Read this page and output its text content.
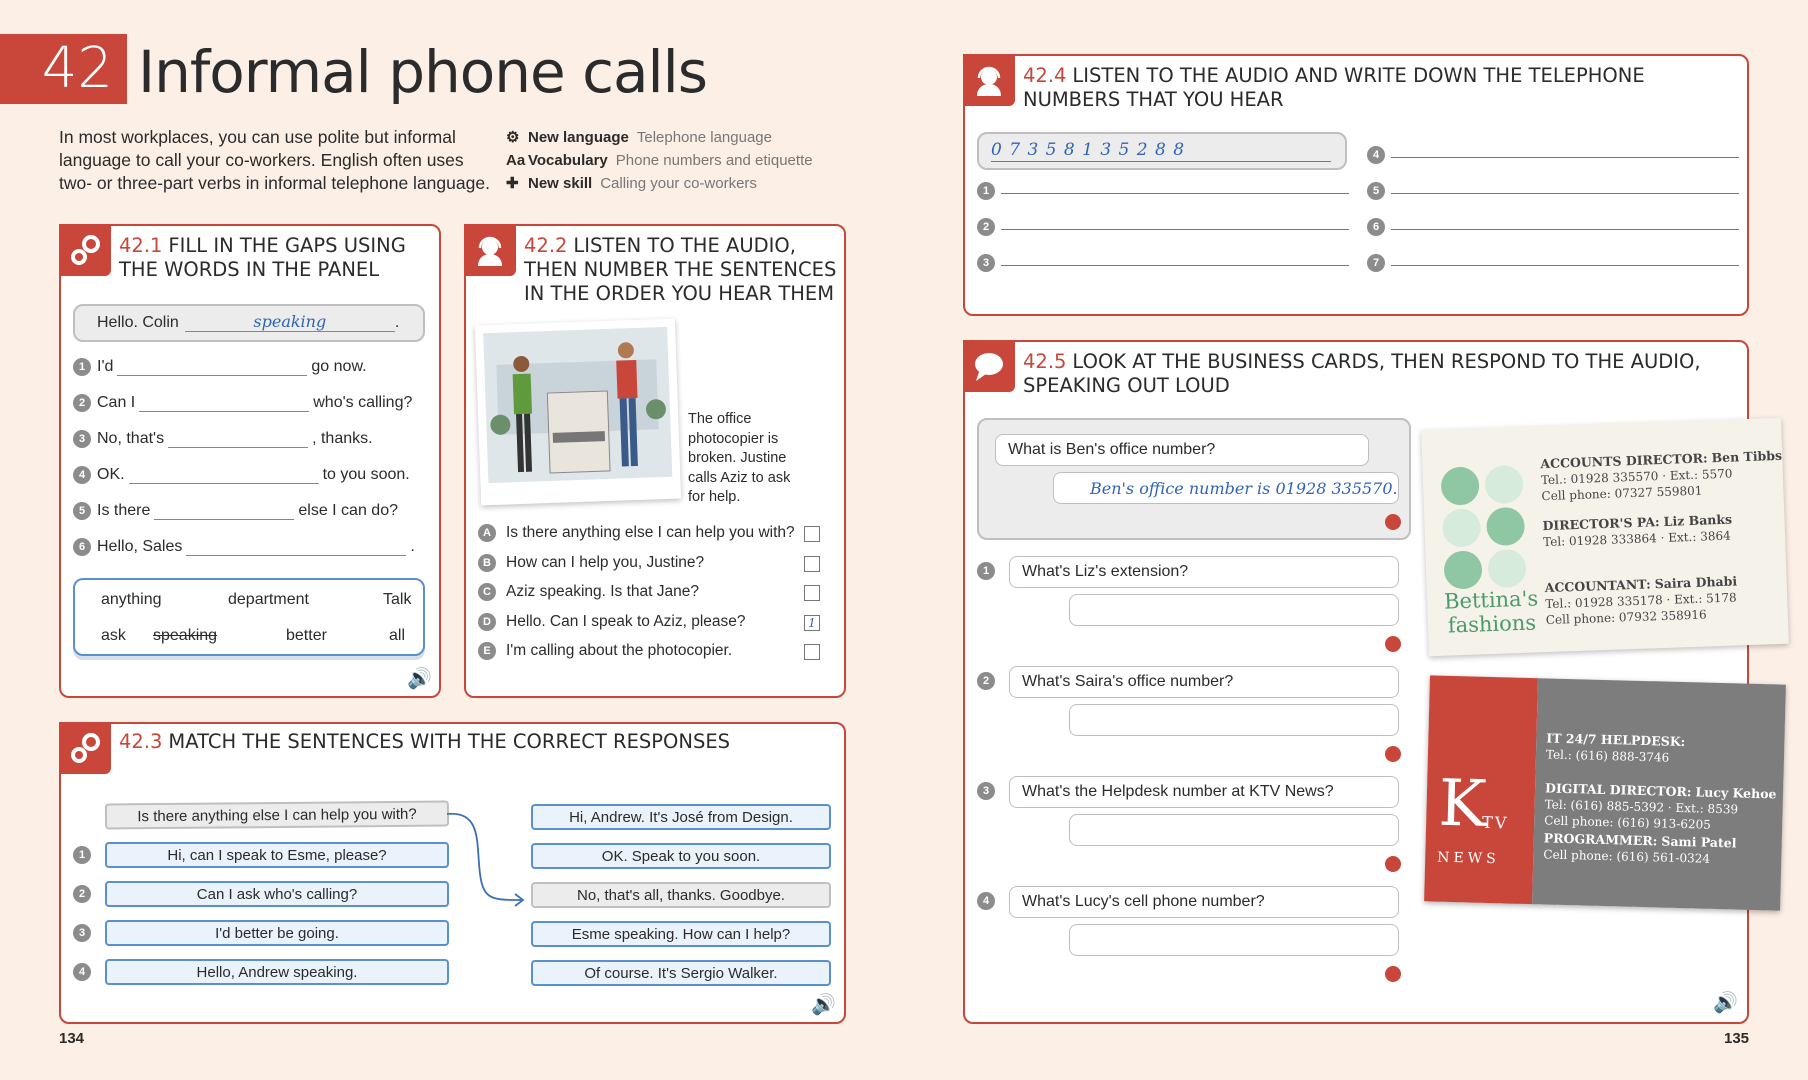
42 Informal phone calls
In most workplaces, you can use polite but informal language to call your co-workers. English often uses two- or three-part verbs in informal telephone language.
⚙ New language Telephone language
Aa Vocabulary Phone numbers and etiquette
✚ New skill Calling your co-workers
42.1 FILL IN THE GAPS USING THE WORDS IN THE PANEL
Hello. Colin	speaking	.
1 I'd	go now.
2 Can I	who's calling?
3 No, that's	, thanks.
4 OK.	to you soon.
5 Is there	else I can do?
6 Hello, Sales	.
anything	department	Talk
ask speaking	better	all
🔊
42.2 LISTEN TO THE AUDIO, THEN NUMBER THE SENTENCES IN THE ORDER YOU HEAR THEM
The office photocopier is broken. Justine calls Aziz to ask for help.
A Is there anything else I can help you with?
B How can I help you, Justine?
C Aziz speaking. Is that Jane?
D Hello. Can I speak to Aziz, please?	1
E I'm calling about the photocopier.
42.3 MATCH THE SENTENCES WITH THE CORRECT RESPONSES
Is there anything else I can help you with?
1	Hi, can I speak to Esme, please?
2	Can I ask who's calling?
3	I'd better be going.
4	Hello, Andrew speaking.
Hi, Andrew. It's José from Design.
OK. Speak to you soon.
No, that's all, thanks. Goodbye.
Esme speaking. How can I help?
Of course. It's Sergio Walker.
🔊
42.4 LISTEN TO THE AUDIO AND WRITE DOWN THE TELEPHONE NUMBERS THAT YOU HEAR
0 7 3 5 8 1 3 5 2 8 8
1
2
3
4
5
6
7
42.5 LOOK AT THE BUSINESS CARDS, THEN RESPOND TO THE AUDIO, SPEAKING OUT LOUD
What is Ben's office number?
Ben's office number is 01928 335570.
1	What's Liz's extension?
2	What's Saira's office number?
3	What's the Helpdesk number at KTV News?
4	What's Lucy's cell phone number?
Bettina's
fashions
ACCOUNTS DIRECTOR: Ben Tibbs
Tel.: 01928 335570 · Ext.: 5570
Cell phone: 07327 559801
DIRECTOR'S PA: Liz Banks
Tel: 01928 333864 · Ext.: 3864
ACCOUNTANT: Saira Dhabi
Tel.: 01928 335178 · Ext.: 5178
Cell phone: 07932 358916
K
TV
NEWS
IT 24/7 HELPDESK:
Tel.: (616) 888-3746
DIGITAL DIRECTOR: Lucy Kehoe
Tel: (616) 885-5392 · Ext.: 8539
Cell phone: (616) 913-6205
PROGRAMMER: Sami Patel
Cell phone: (616) 561-0324
🔊
134	135
